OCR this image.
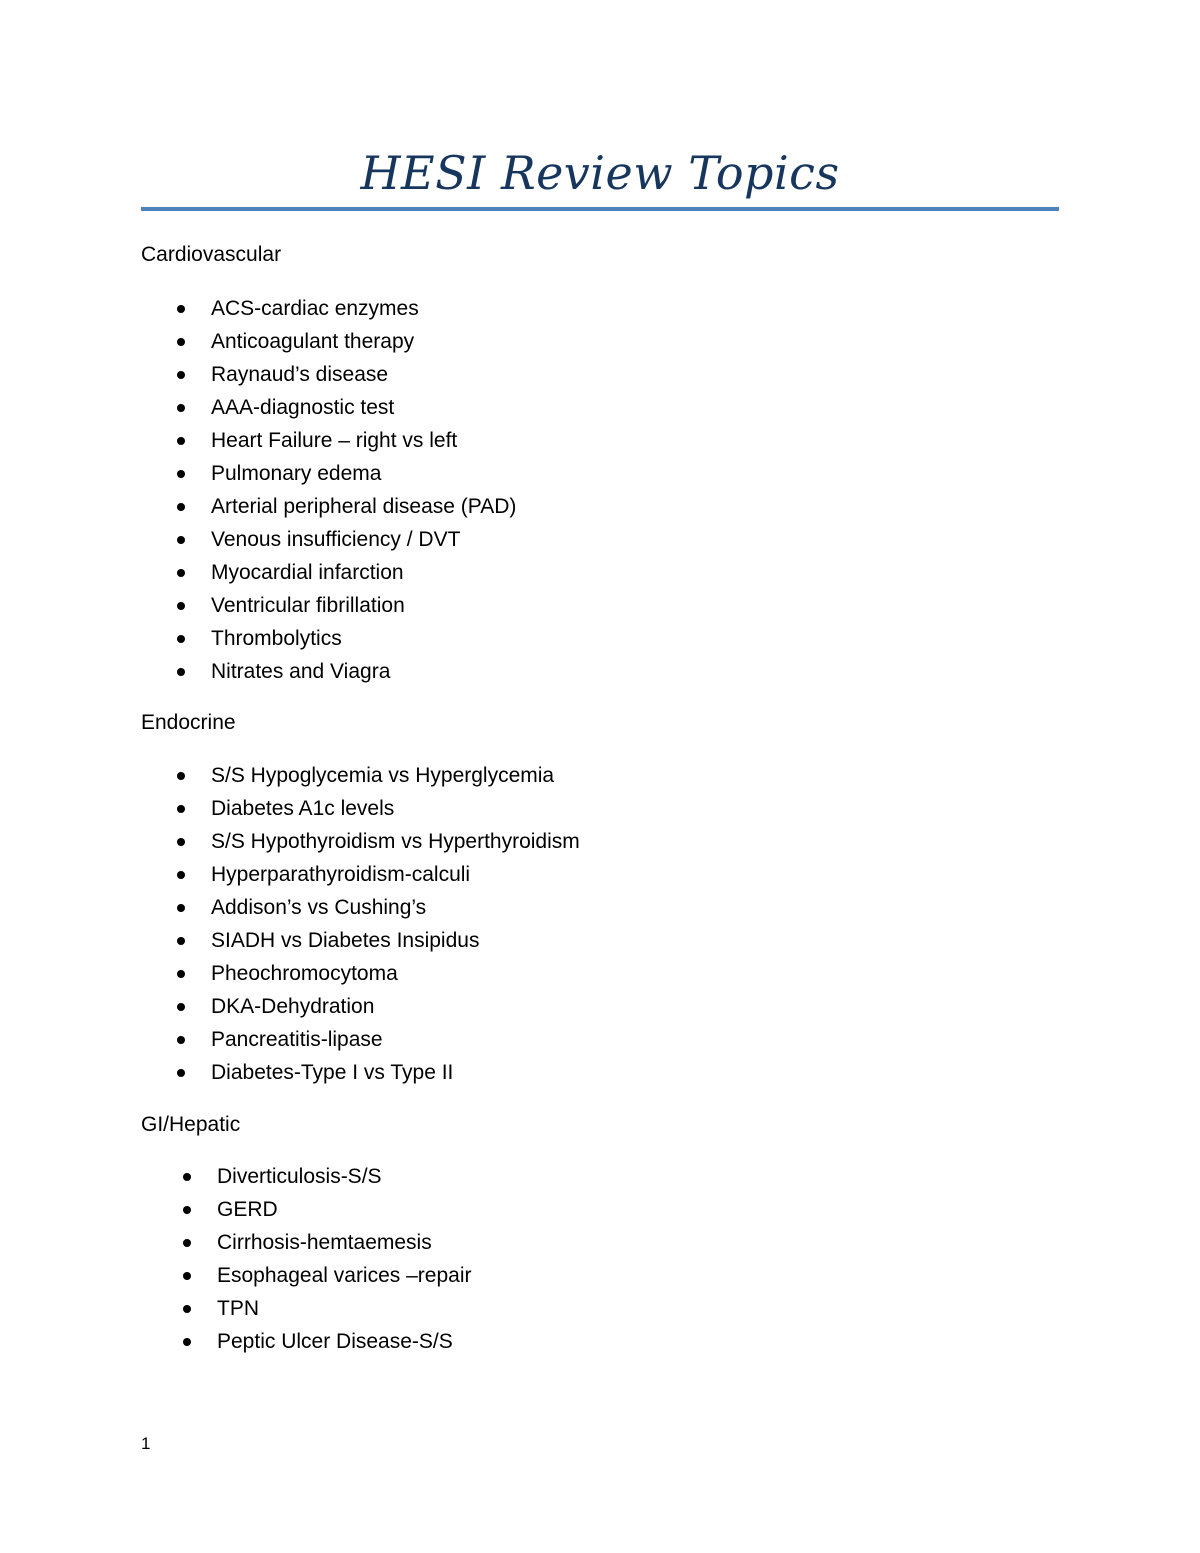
HESI Review Topics
Cardiovascular
ACS-cardiac enzymes
Anticoagulant therapy
Raynaud’s disease
AAA-diagnostic test
Heart Failure – right vs left
Pulmonary edema
Arterial peripheral disease (PAD)
Venous insufficiency / DVT
Myocardial infarction
Ventricular fibrillation
Thrombolytics
Nitrates and Viagra
Endocrine
S/S Hypoglycemia vs Hyperglycemia
Diabetes A1c levels
S/S Hypothyroidism vs Hyperthyroidism
Hyperparathyroidism-calculi
Addison’s vs Cushing’s
SIADH vs Diabetes Insipidus
Pheochromocytoma
DKA-Dehydration
Pancreatitis-lipase
Diabetes-Type I vs Type II
GI/Hepatic
Diverticulosis-S/S
GERD
Cirrhosis-hemtaemesis
Esophageal varices –repair
TPN
Peptic Ulcer Disease-S/S
1
